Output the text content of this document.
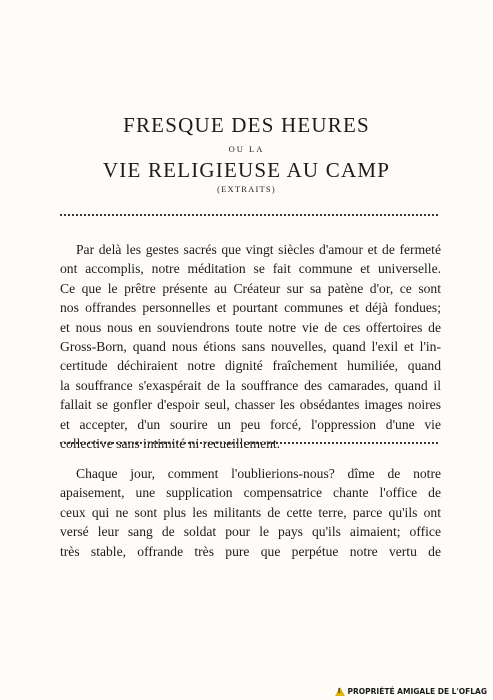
FRESQUE DES HEURES
OU LA
VIE RELIGIEUSE AU CAMP
(EXTRAITS)
Par delà les gestes sacrés que vingt siècles d'amour et de fermeté
ont accomplis, notre méditation se fait commune et universelle.
Ce que le prêtre présente au Créateur sur sa patène d'or, ce sont
nos offrandes personnelles et pourtant communes et déjà fondues;
et nous nous en souviendrons toute notre vie de ces offertoires de
Gross-Born, quand nous étions sans nouvelles, quand l'exil et l'in-
certitude déchiraient notre dignité fraîchement humiliée, quand
la souffrance s'exaspérait de la souffrance des camarades, quand il
fallait se gonfler d'espoir seul, chasser les obsédantes images noires
et accepter, d'un sourire un peu forcé, l'oppression d'une vie
collective sans intimité ni recueillement.
Chaque jour, comment l'oublierions-nous? dîme de notre
apaisement, une supplication compensatrice chante l'office de
ceux qui ne sont plus les militants de cette terre, parce qu'ils ont
versé leur sang de soldat pour le pays qu'ils aimaient; office
très stable, offrande très pure que perpétue notre vertu de
!
PROPRIÉTÉ AMIGALE DE L'OFLAG
